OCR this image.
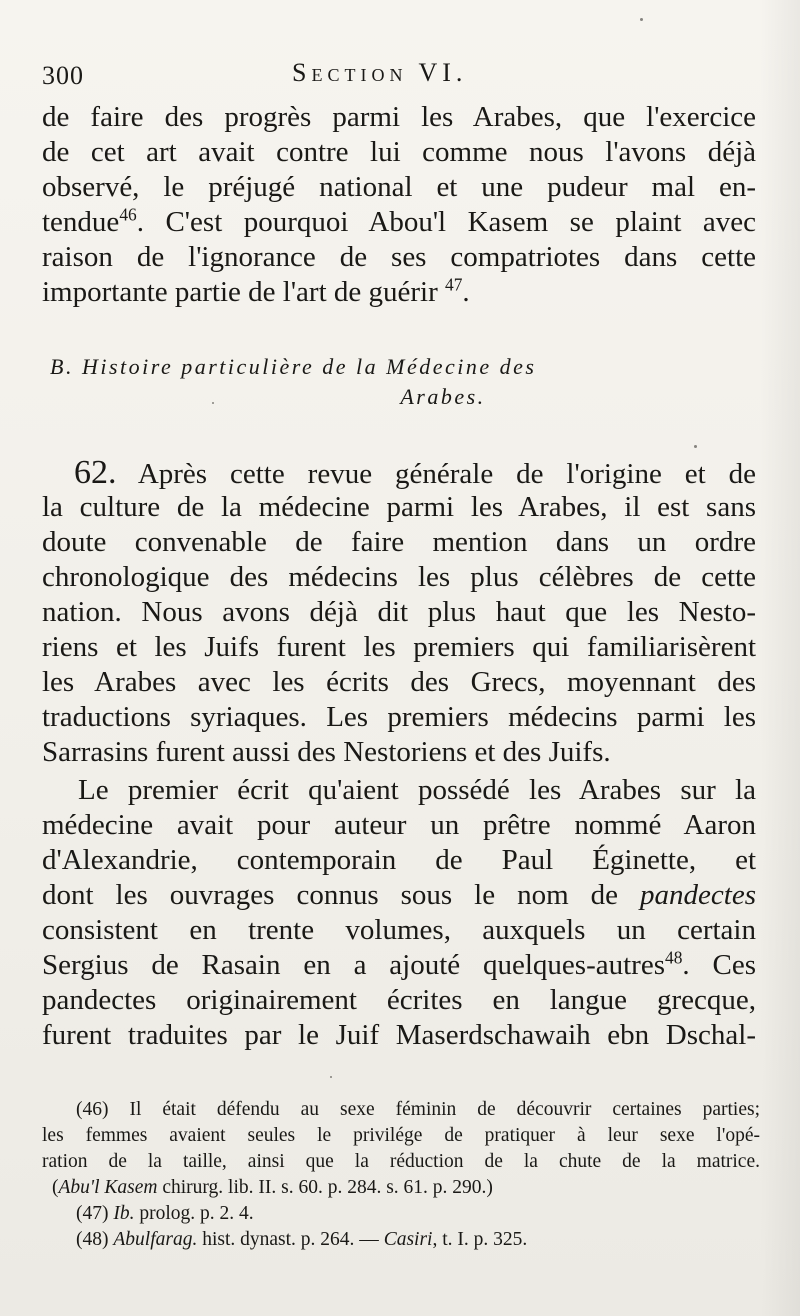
300	Section VI.
de faire des progrès parmi les Arabes, que l'exercice
de cet art avait contre lui comme nous l'avons déjà
observé, le préjugé national et une pudeur mal en-
tendue$^{46}$. C'est pourquoi Abou'l Kasem se plaint avec
raison de l'ignorance de ses compatriotes dans cette
importante partie de l'art de guérir $^{47}$.
B. Histoire particulière de la Médecine des
Arabes.
62. Après cette revue générale de l'origine et de
la culture de la médecine parmi les Arabes, il est sans
doute convenable de faire mention dans un ordre
chronologique des médecins les plus célèbres de cette
nation. Nous avons déjà dit plus haut que les Nesto-
riens et les Juifs furent les premiers qui familiarisèrent
les Arabes avec les écrits des Grecs, moyennant des
traductions syriaques. Les premiers médecins parmi les
Sarrasins furent aussi des Nestoriens et des Juifs.
Le premier écrit qu'aient possédé les Arabes sur la
médecine avait pour auteur un prêtre nommé Aaron
d'Alexandrie, contemporain de Paul Éginette, et
dont les ouvrages connus sous le nom de pandectes
consistent en trente volumes, auxquels un certain
Sergius de Rasain en a ajouté quelques-autres$^{48}$. Ces
pandectes originairement écrites en langue grecque,
furent traduites par le Juif Maserdschawaih ebn Dschal-
(46) Il était défendu au sexe féminin de découvrir certaines parties;
les femmes avaient seules le privilége de pratiquer à leur sexe l'opé-
ration de la taille, ainsi que la réduction de la chute de la matrice.
(Abu'l Kasem chirurg. lib. II. s. 60. p. 284. s. 61. p. 290.)
(47) Ib. prolog. p. 2. 4.
(48) Abulfarag. hist. dynast. p. 264. — Casiri, t. I. p. 325.
